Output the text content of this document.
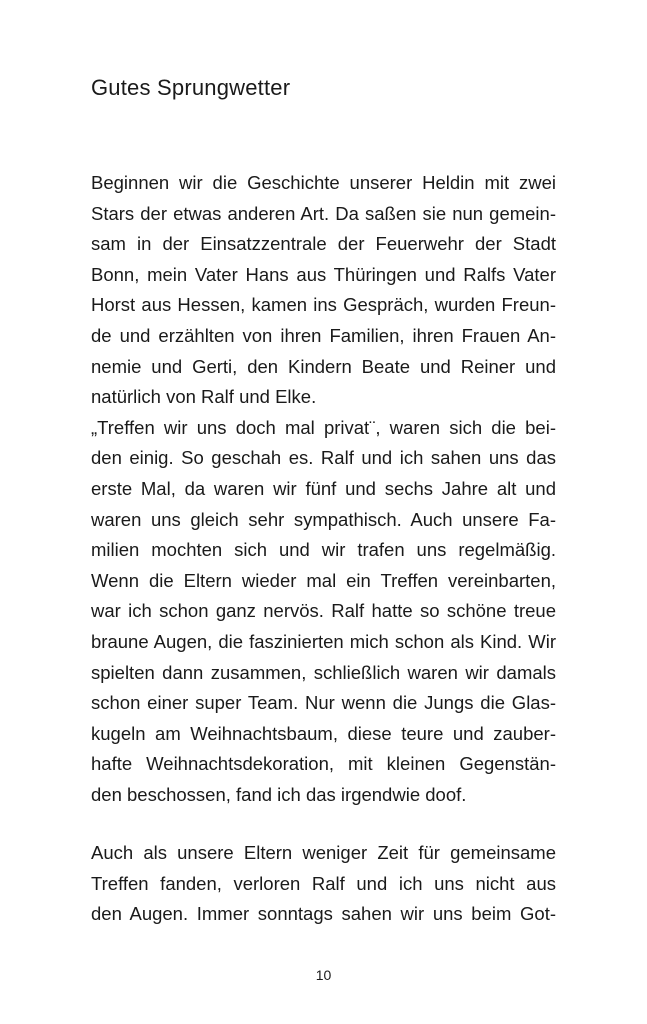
Gutes Sprungwetter
Beginnen wir die Geschichte unserer Heldin mit zwei
Stars der etwas anderen Art. Da saßen sie nun gemein-
sam in der Einsatzzentrale der Feuerwehr der Stadt
Bonn, mein Vater Hans aus Thüringen und Ralfs Vater
Horst aus Hessen, kamen ins Gespräch, wurden Freun-
de und erzählten von ihren Familien, ihren Frauen An-
nemie und Gerti, den Kindern Beate und Reiner und
natürlich von Ralf und Elke.
„Treffen wir uns doch mal privat¨, waren sich die bei-
den einig. So geschah es. Ralf und ich sahen uns das
erste Mal, da waren wir fünf und sechs Jahre alt und
waren uns gleich sehr sympathisch. Auch unsere Fa-
milien mochten sich und wir trafen uns regelmäßig.
Wenn die Eltern wieder mal ein Treffen vereinbarten,
war ich schon ganz nervös. Ralf hatte so schöne treue
braune Augen, die faszinierten mich schon als Kind. Wir
spielten dann zusammen, schließlich waren wir damals
schon einer super Team. Nur wenn die Jungs die Glas-
kugeln am Weihnachtsbaum, diese teure und zauber-
hafte Weihnachtsdekoration, mit kleinen Gegenstän-
den beschossen, fand ich das irgendwie doof.
Auch als unsere Eltern weniger Zeit für gemeinsame
Treffen fanden, verloren Ralf und ich uns nicht aus
den Augen. Immer sonntags sahen wir uns beim Got-
10
